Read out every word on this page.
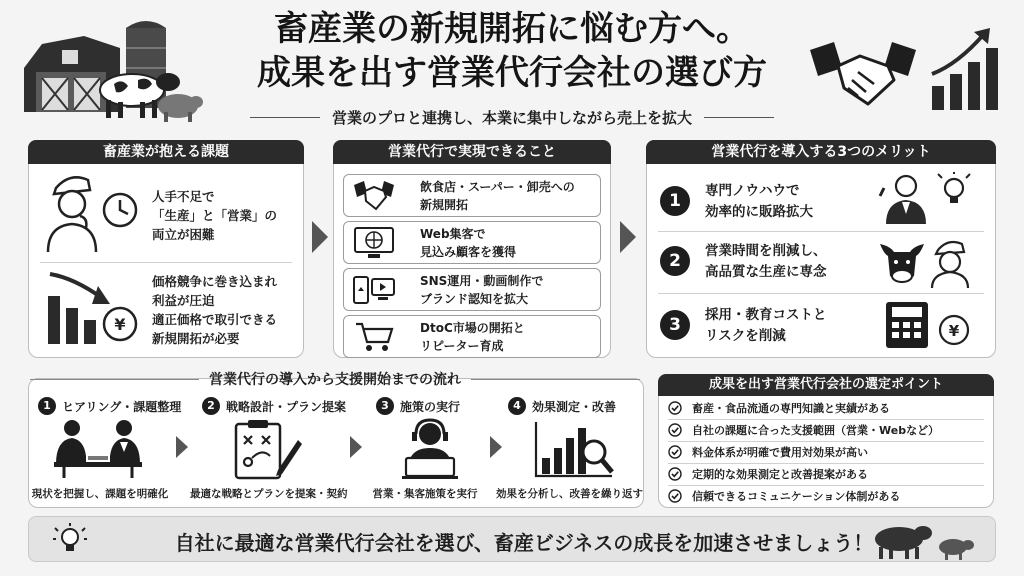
畜産業の新規開拓に悩む方へ。
成果を出す営業代行会社の選び方
営業のプロと連携し、本業に集中しながら売上を拡大
畜産業が抱える課題
人手不足で
「生産」と「営業」の
両立が困難
¥
価格競争に巻き込まれ
利益が圧迫
適正価格で取引できる
新規開拓が必要
営業代行で実現できること
飲食店・スーパー・卸売への
新規開拓
Web集客で
見込み顧客を獲得
SNS運用・動画制作で
ブランド認知を拡大
DtoC市場の開拓と
リピーター育成
営業代行を導入する3つのメリット
1	専門ノウハウで
効率的に販路拡大
2	営業時間を削減し、
高品質な生産に専念
3	採用・教育コストと
リスクを削減	¥
営業代行の導入から支援開始までの流れ
1 ヒアリング・課題整理
現状を把握し、課題を明確化
2 戦略設計・プラン提案
最適な戦略とプランを提案・契約
3 施策の実行
営業・集客施策を実行
4 効果測定・改善
効果を分析し、改善を繰り返す
成果を出す営業代行会社の選定ポイント
畜産・食品流通の専門知識と実績がある
自社の課題に合った支援範囲（営業・Webなど）
料金体系が明確で費用対効果が高い
定期的な効果測定と改善提案がある
信頼できるコミュニケーション体制がある
自社に最適な営業代行会社を選び、畜産ビジネスの成長を加速させましょう！
